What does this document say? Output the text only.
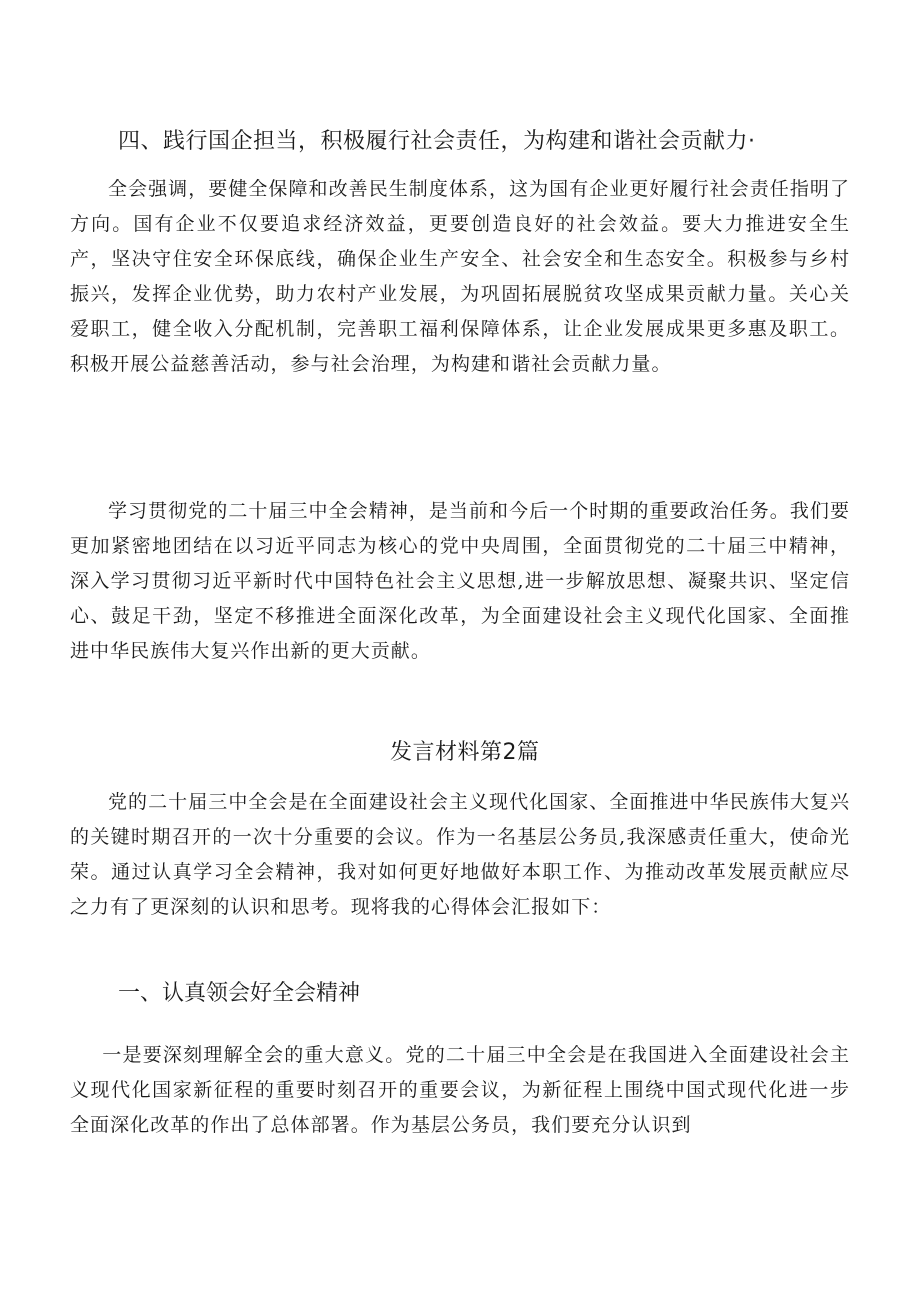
四、践行国企担当，积极履行社会责任，为构建和谐社会贡献力·

全会强调，要健全保障和改善民生制度体系，这为国有企业更好履行社会责任指明了方向。国有企业不仅要追求经济效益，更要创造良好的社会效益。要大力推进安全生产，坚决守住安全环保底线，确保企业生产安全、社会安全和生态安全。积极参与乡村振兴，发挥企业优势，助力农村产业发展，为巩固拓展脱贫攻坚成果贡献力量。关心关爱职工，健全收入分配机制，完善职工福利保障体系，让企业发展成果更多惠及职工。积极开展公益慈善活动，参与社会治理，为构建和谐社会贡献力量。

学习贯彻党的二十届三中全会精神，是当前和今后一个时期的重要政治任务。我们要更加紧密地团结在以习近平同志为核心的党中央周围，全面贯彻党的二十届三中精神，深入学习贯彻习近平新时代中国特色社会主义思想,进一步解放思想、凝聚共识、坚定信心、鼓足干劲，坚定不移推进全面深化改革，为全面建设社会主义现代化国家、全面推进中华民族伟大复兴作出新的更大贡献。

发言材料第2篇

党的二十届三中全会是在全面建设社会主义现代化国家、全面推进中华民族伟大复兴的关键时期召开的一次十分重要的会议。作为一名基层公务员,我深感责任重大，使命光荣。通过认真学习全会精神，我对如何更好地做好本职工作、为推动改革发展贡献应尽之力有了更深刻的认识和思考。现将我的心得体会汇报如下：

一、认真领会好全会精神

一是要深刻理解全会的重大意义。党的二十届三中全会是在我国进入全面建设社会主义现代化国家新征程的重要时刻召开的重要会议，为新征程上围绕中国式现代化进一步全面深化改革的作出了总体部署。作为基层公务员，我们要充分认识到
